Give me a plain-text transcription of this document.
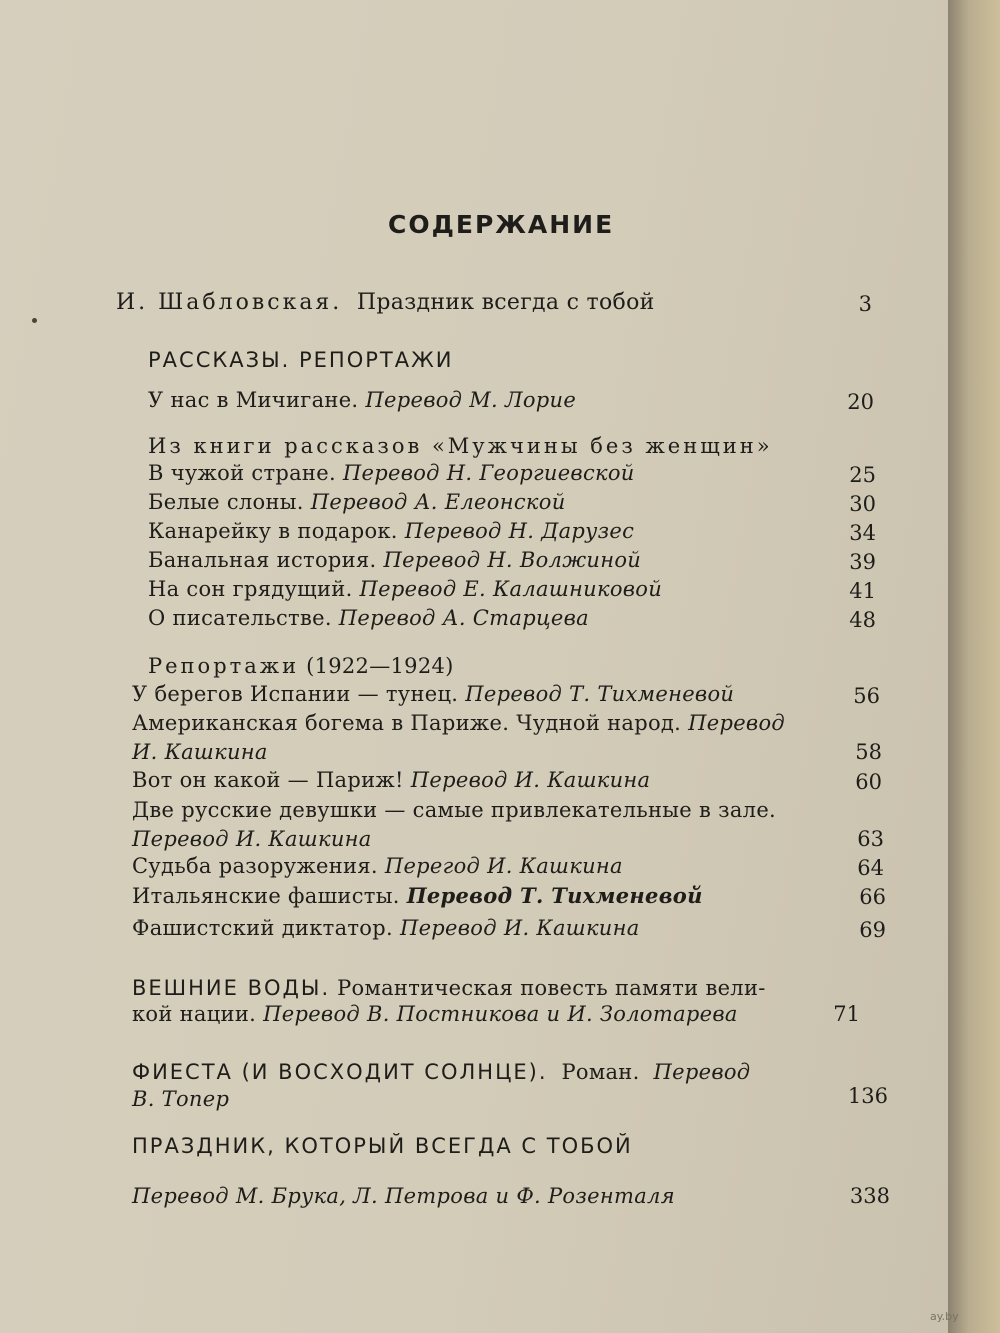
СОДЕРЖАНИЕ
И. Шабловская. Праздник всегда с тобой	3
РАССКАЗЫ. РЕПОРТАЖИ
У нас в Мичигане. Перевод М. Лорие	20
Из книги рассказов «Мужчины без женщин»
В чужой стране. Перевод Н. Георгиевской	25
Белые слоны. Перевод А. Елеонской	30
Канарейку в подарок. Перевод Н. Дарузес	34
Банальная история. Перевод Н. Волжиной	39
На сон грядущий. Перевод Е. Калашниковой	41
О писательстве. Перевод А. Старцева	48
Репортажи (1922—1924)
У берегов Испании — тунец. Перевод Т. Тихменевой	56
Американская богема в Париже. Чудной народ. Перевод
И. Кашкина	58
Вот он какой — Париж! Перевод И. Кашкина	60
Две русские девушки — самые привлекательные в зале.
Перевод И. Кашкина	63
Судьба разоружения. Перегод И. Кашкина	64
Итальянские фашисты. Перевод Т. Тихменевой	66
Фашистский диктатор. Перевод И. Кашкина	69
ВЕШНИЕ ВОДЫ. Романтическая повесть памяти вели-
кой нации. Перевод В. Постникова и И. Золотарева	71
ФИЕСТА (И ВОСХОДИТ СОЛНЦЕ). Роман. Перевод
В. Топер	136
ПРАЗДНИК, КОТОРЫЙ ВСЕГДА С ТОБОЙ
Перевод М. Брука, Л. Петрова и Ф. Розенталя	338
ay.by
